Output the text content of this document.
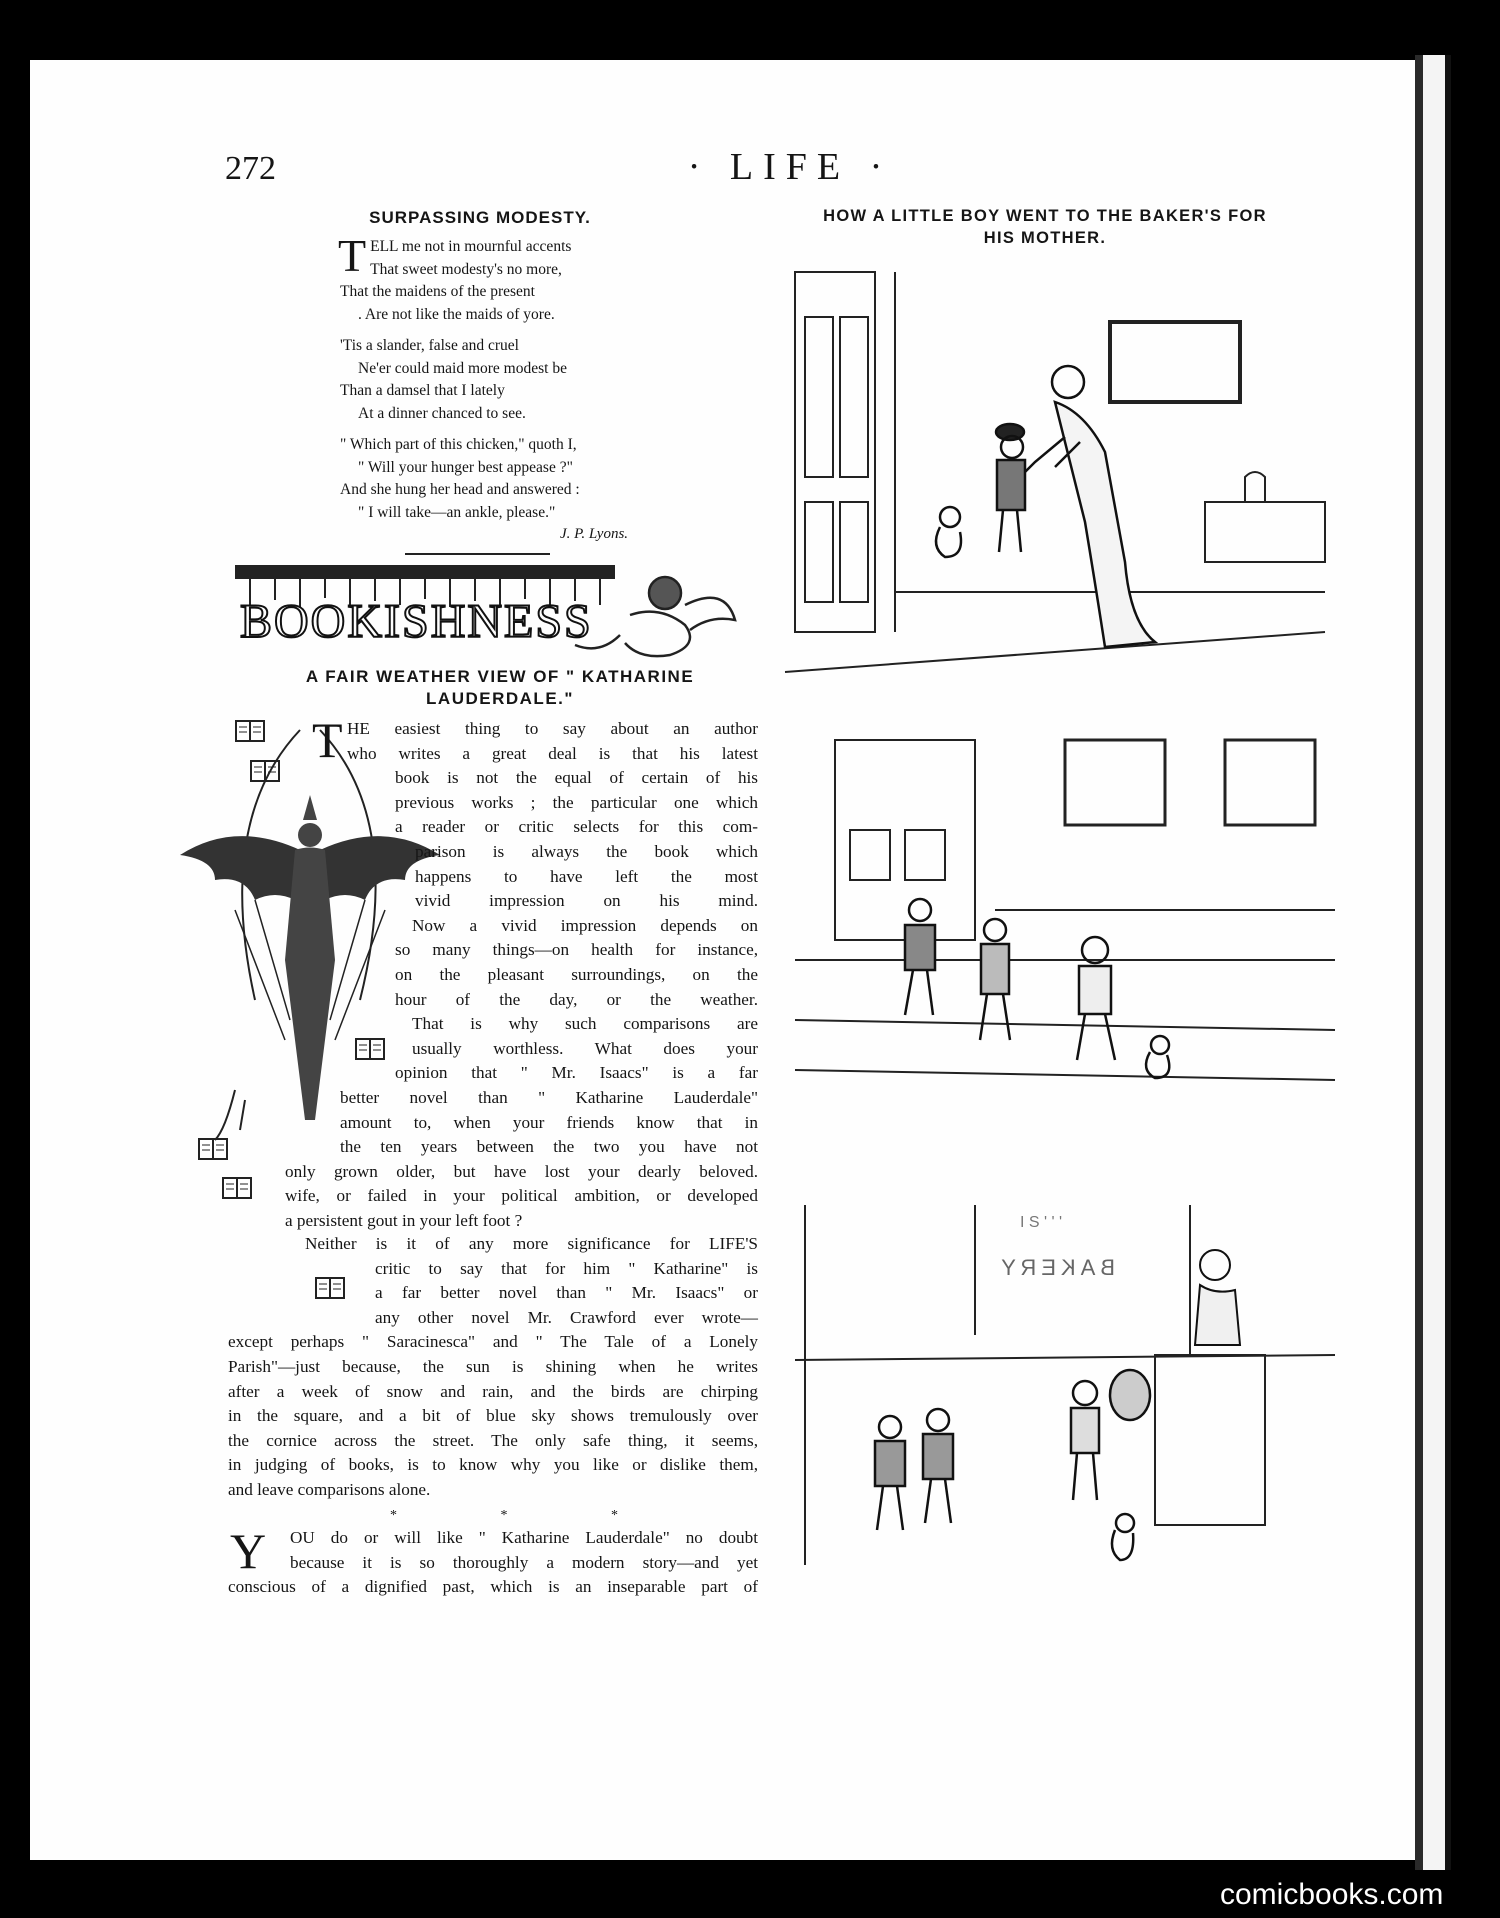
272	· LIFE ·
SURPASSING MODESTY.
T ELL me not in mournful accents
That sweet modesty's no more,
That the maidens of the present
. Are not like the maids of yore.
'Tis a slander, false and cruel
Ne'er could maid more modest be
Than a damsel that I lately
At a dinner chanced to see.
" Which part of this chicken," quoth I,
" Will your hunger best appease ?"
And she hung her head and answered :
" I will take—an ankle, please."
J. P. Lyons.
BOOKISHNESS
A FAIR WEATHER VIEW OF " KATHARINE
LAUDERDALE."
T HE easiest thing to say about an author
who writes a great deal is that his latest
book is not the equal of certain of his
previous works ; the particular one which
a reader or critic selects for this com-
parison is always the book which
happens to have left the most
vivid impression on his mind.
Now a vivid impression depends on
so many things—on health for instance,
on the pleasant surroundings, on the
hour of the day, or the weather.
That is why such comparisons are
usually worthless. What does your
opinion that " Mr. Isaacs" is a far
better novel than " Katharine Lauderdale"
amount to, when your friends know that in
the ten years between the two you have not
only grown older, but have lost your dearly beloved.
wife, or failed in your political ambition, or developed
a persistent gout in your left foot ?
Neither is it of any more significance for LIFE'S
critic to say that for him " Katharine" is
a far better novel than " Mr. Isaacs" or
any other novel Mr. Crawford ever wrote—
except perhaps " Saracinesca" and " The Tale of a Lonely
Parish"—just because, the sun is shining when he writes
after a week of snow and rain, and the birds are chirping
in the square, and a bit of blue sky shows tremulously over
the cornice across the street. The only safe thing, it seems,
in judging of books, is to know why you like or dislike them,
and leave comparisons alone.
* * *
Y OU do or will like " Katharine Lauderdale" no doubt
because it is so thoroughly a modern story—and yet
conscious of a dignified past, which is an inseparable part of
HOW A LITTLE BOY WENT TO THE BAKER'S FOR
HIS MOTHER.
BAKERY
I S ' ' '
comicbooks.com
